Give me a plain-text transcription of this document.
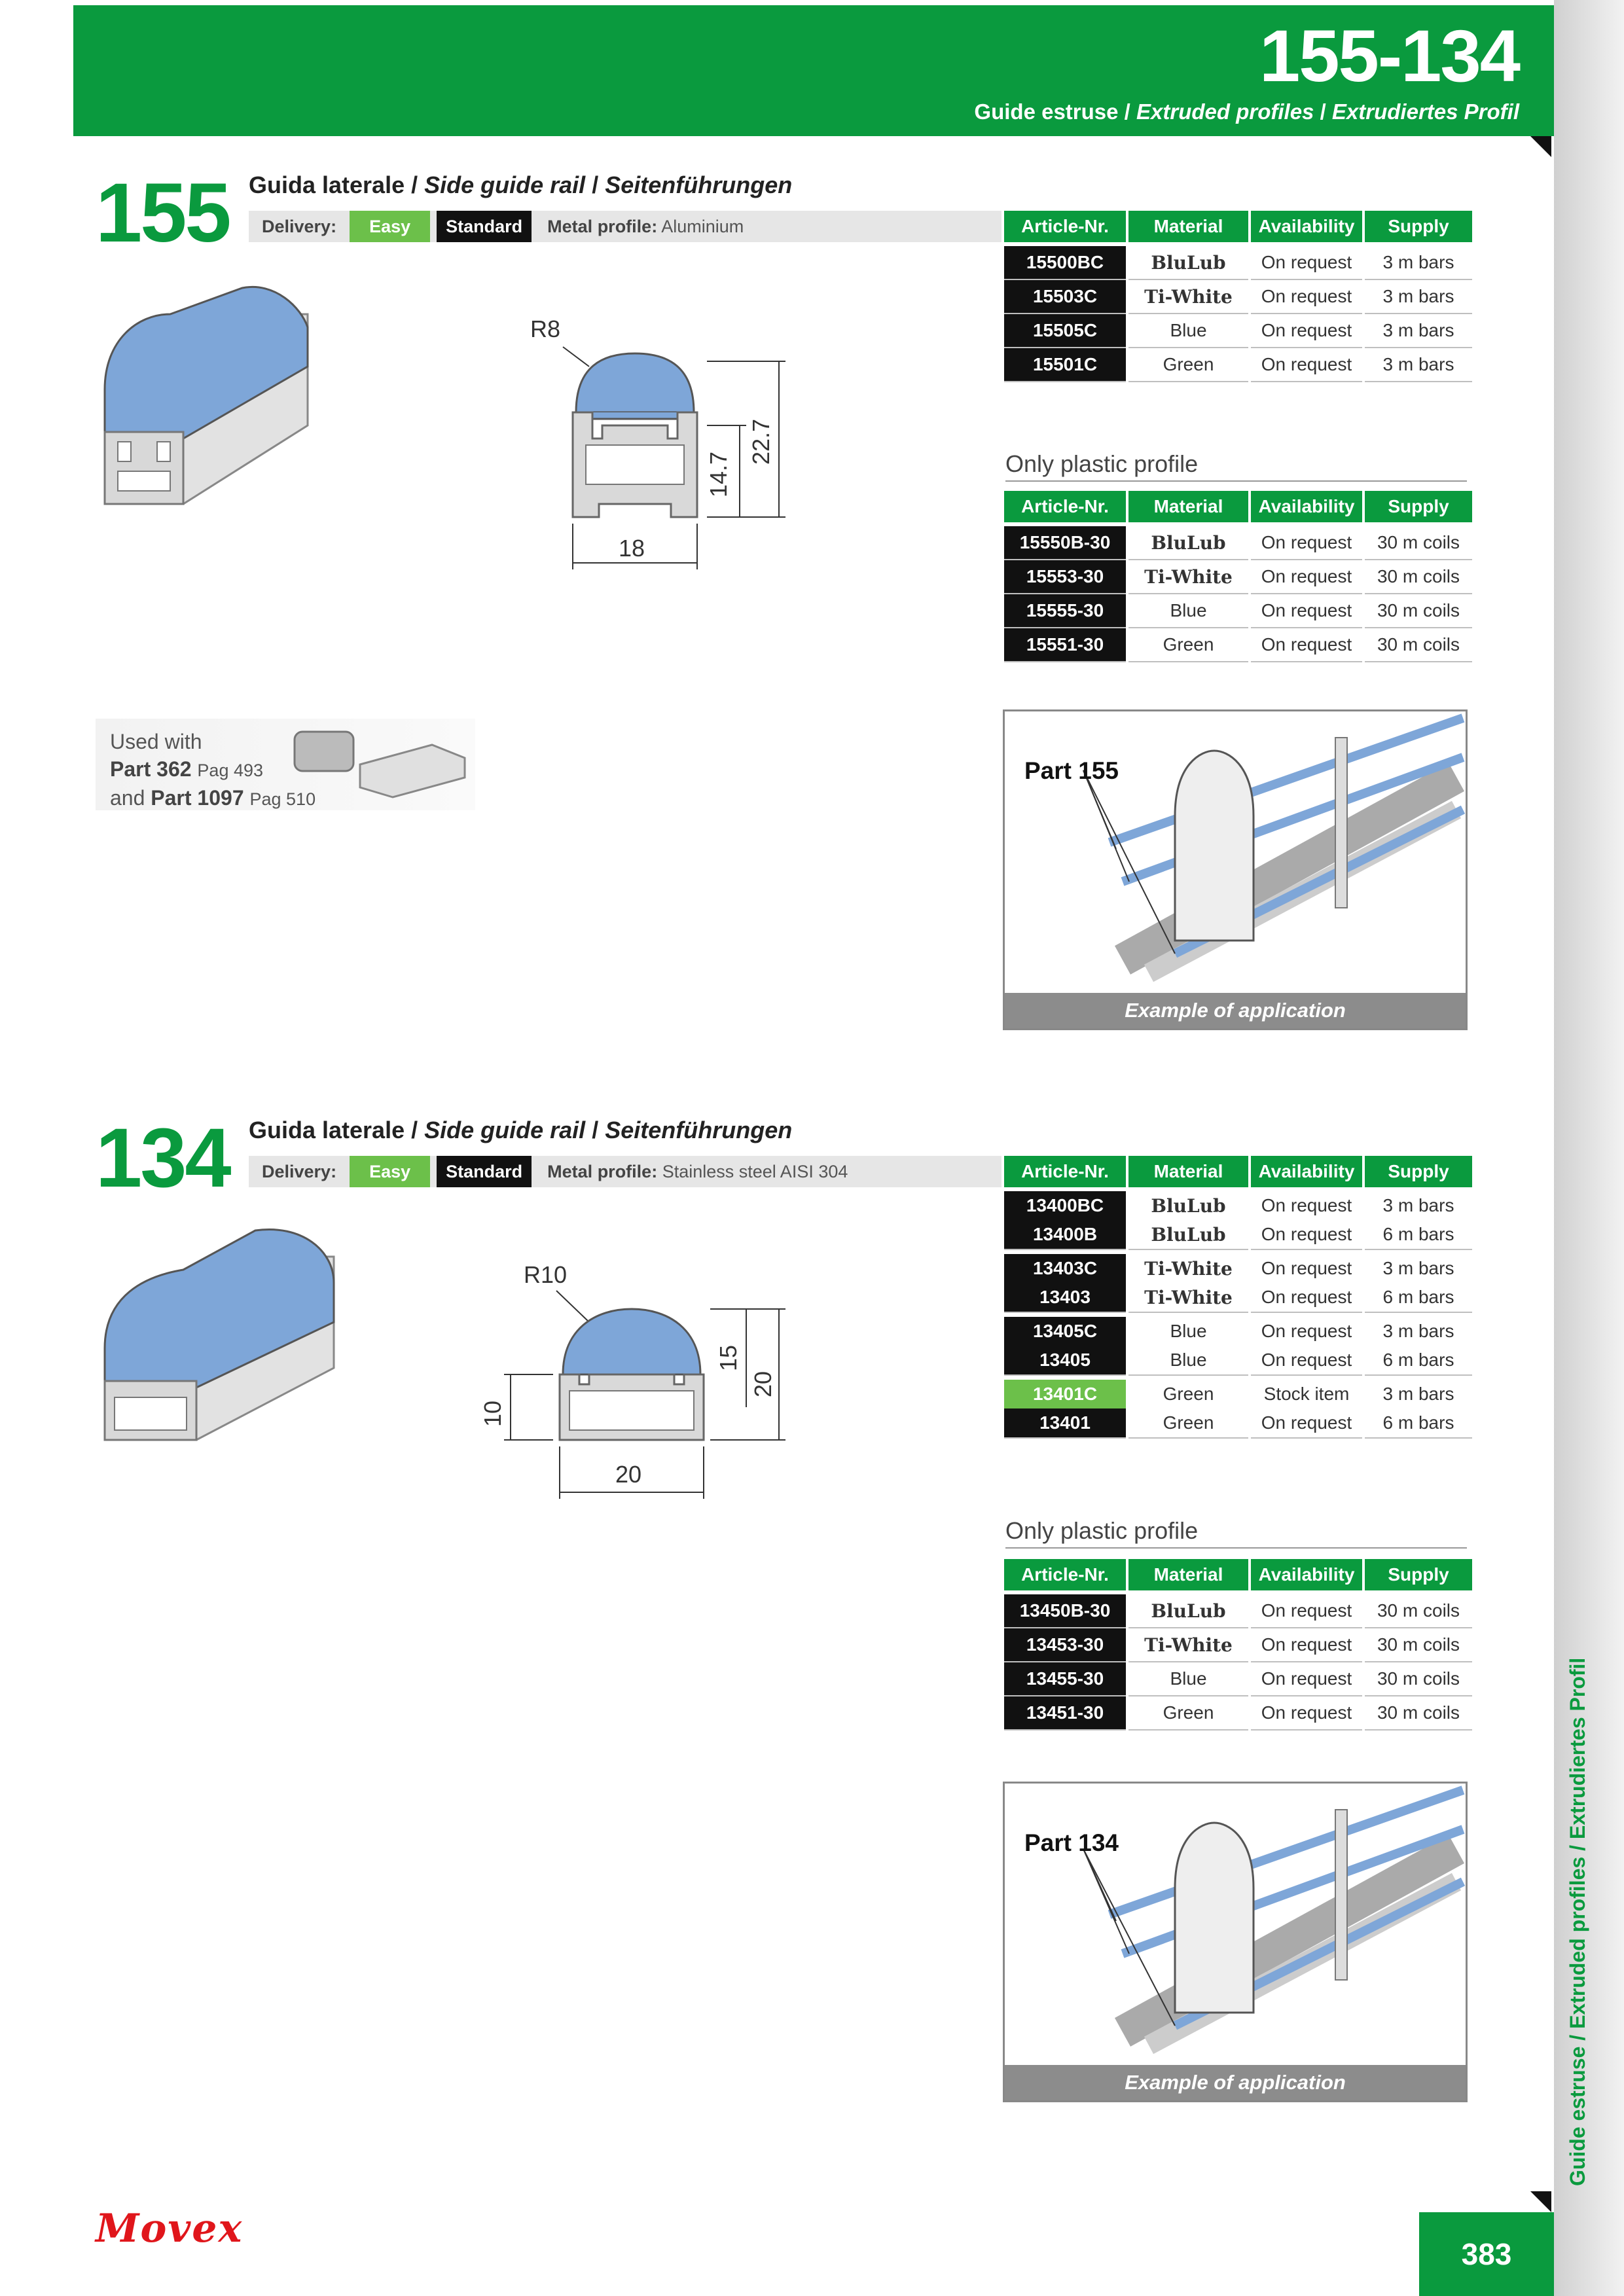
155-134
Guide estruse / Extruded profiles / Extrudiertes Profil
Guide estruse / Extruded profiles / Extrudiertes Profil
155 Guida laterale / Side guide rail / Seitenführungen
Delivery:	Easy	Standard	Metal profile: Aluminium
R8
18
14.7
22.7
Article-Nr.	Material	Availability	Supply

15500BC	BluLub	On request	3 m bars
15503C	Ti-White	On request	3 m bars
15505C	Blue	On request	3 m bars
15501C	Green	On request	3 m bars
Only plastic profile
Article-Nr.	Material	Availability	Supply

15550B-30	BluLub	On request	30 m coils
15553-30	Ti-White	On request	30 m coils
15555-30	Blue	On request	30 m coils
15551-30	Green	On request	30 m coils
Used with
Part 362 Pag 493
and Part 1097 Pag 510
Part 155
Example of application
134 Guida laterale / Side guide rail / Seitenführungen
Delivery:	Easy	Standard	Metal profile: Stainless steel AISI 304
R10
20
10
15
20
Article-Nr.	Material	Availability	Supply

13400BC	BluLub	On request	3 m bars
13400B	BluLub	On request	6 m bars

13403C	Ti-White	On request	3 m bars
13403	Ti-White	On request	6 m bars

13405C	Blue	On request	3 m bars
13405	Blue	On request	6 m bars

13401C	Green	Stock item	3 m bars
13401	Green	On request	6 m bars
Only plastic profile
Article-Nr.	Material	Availability	Supply

13450B-30	BluLub	On request	30 m coils
13453-30	Ti-White	On request	30 m coils
13455-30	Blue	On request	30 m coils
13451-30	Green	On request	30 m coils
Part 134
Example of application
Movex
383
